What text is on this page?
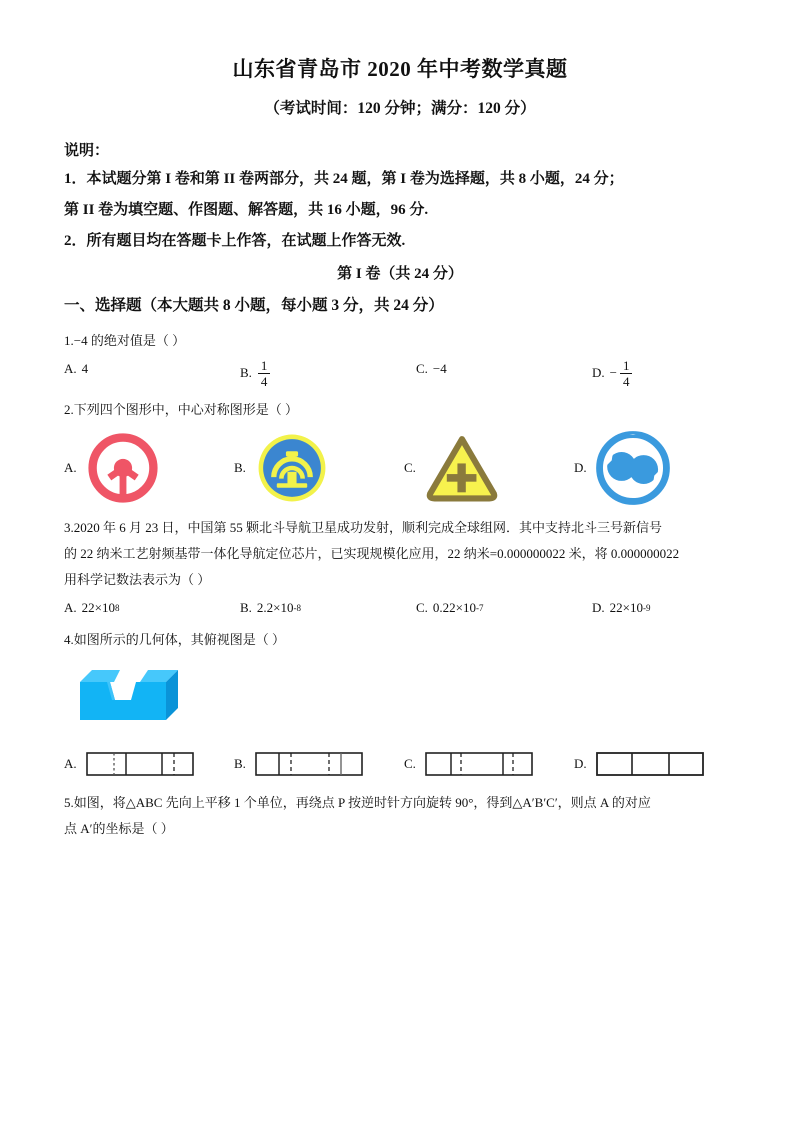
山东省青岛市 2020 年中考数学真题
（考试时间：120 分钟；满分：120 分）
说明：
1．本试题分第 I 卷和第 II 卷两部分，共 24 题，第 I 卷为选择题，共 8 小题，24 分；
第 II 卷为填空题、作图题、解答题，共 16 小题，96 分.
2．所有题目均在答题卡上作答，在试题上作答无效.
第 I 卷（共 24 分）
一、选择题（本大题共 8 小题，每小题 3 分，共 24 分）
1.−4 的绝对值是（ ）
A. 4	B. $\frac{1}{4}$	C. −4	D. − $\frac{1}{4}$
2.下列四个图形中，中心对称图形是（ ）
A.	B.	C.	D.
3.2020 年 6 月 23 日，中国第 55 颗北斗导航卫星成功发射，顺利完成全球组网．其中支持北斗三号新信号
的 22 纳米工艺射频基带一体化导航定位芯片，已实现规模化应用，22 纳米=0.000000022 米，将 0.000000022
用科学记数法表示为（ ）
A. 22×10 8	B. 2.2×10 -8	C. 0.22×10 -7	D. 22×10 -9
4.如图所示的几何体，其俯视图是（ ）
A.	B.	C.	D.
5.如图，将△ABC 先向上平移 1 个单位，再绕点 P 按逆时针方向旋转 90°，得到△A′B′C′，则点 A 的对应
点 A′的坐标是（ ）
